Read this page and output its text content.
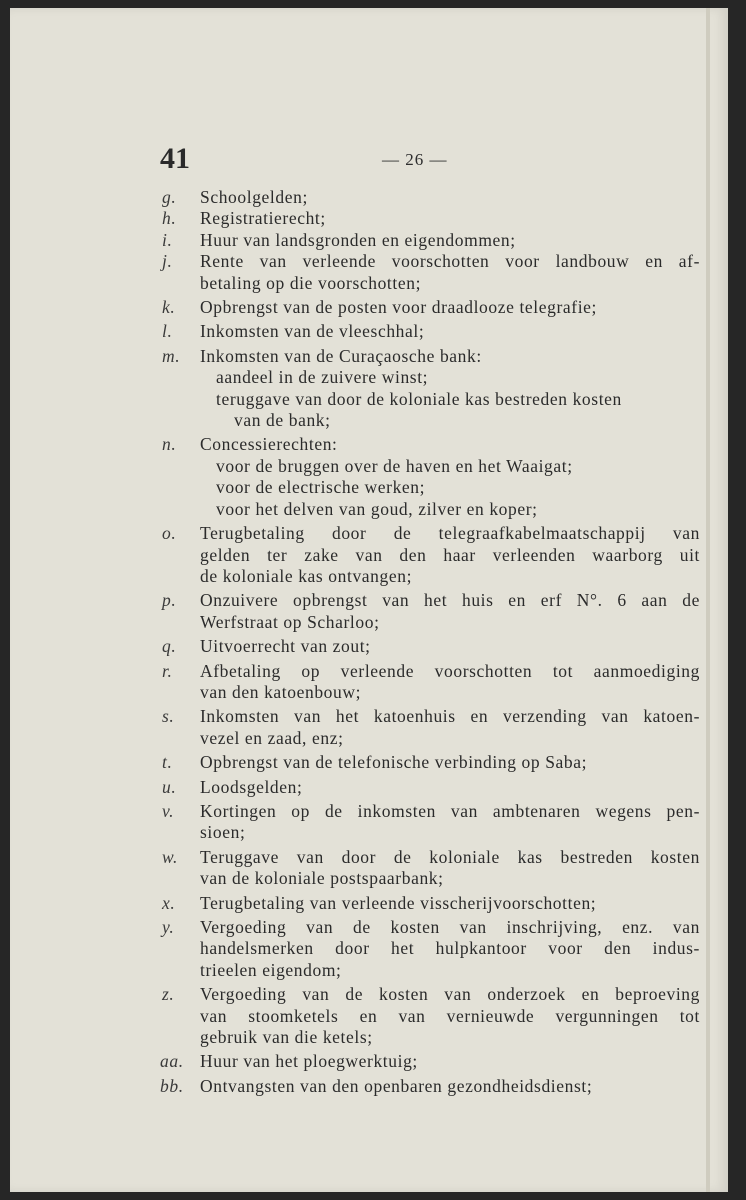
41	— 26 —
g. Schoolgelden;
h. Registratierecht;
i. Huur van landsgronden en eigendommen;
j. Rente van verleende voorschotten voor landbouw en af-
betaling op die voorschotten;
k. Opbrengst van de posten voor draadlooze telegrafie;
l. Inkomsten van de vleeschhal;
m. Inkomsten van de Curaçaosche bank:
aandeel in de zuivere winst;
teruggave van door de koloniale kas bestreden kosten
van de bank;
n. Concessierechten:
voor de bruggen over de haven en het Waaigat;
voor de electrische werken;
voor het delven van goud, zilver en koper;
o. Terugbetaling door de telegraafkabelmaatschappij van
gelden ter zake van den haar verleenden waarborg uit
de koloniale kas ontvangen;
p. Onzuivere opbrengst van het huis en erf N°. 6 aan de
Werfstraat op Scharloo;
q. Uitvoerrecht van zout;
r. Afbetaling op verleende voorschotten tot aanmoediging
van den katoenbouw;
s. Inkomsten van het katoenhuis en verzending van katoen-
vezel en zaad, enz;
t. Opbrengst van de telefonische verbinding op Saba;
u. Loodsgelden;
v. Kortingen op de inkomsten van ambtenaren wegens pen-
sioen;
w. Teruggave van door de koloniale kas bestreden kosten
van de koloniale postspaarbank;
x. Terugbetaling van verleende visscherijvoorschotten;
y. Vergoeding van de kosten van inschrijving, enz. van
handelsmerken door het hulpkantoor voor den indus-
trieelen eigendom;
z. Vergoeding van de kosten van onderzoek en beproeving
van stoomketels en van vernieuwde vergunningen tot
gebruik van die ketels;
aa. Huur van het ploegwerktuig;
bb. Ontvangsten van den openbaren gezondheidsdienst;
